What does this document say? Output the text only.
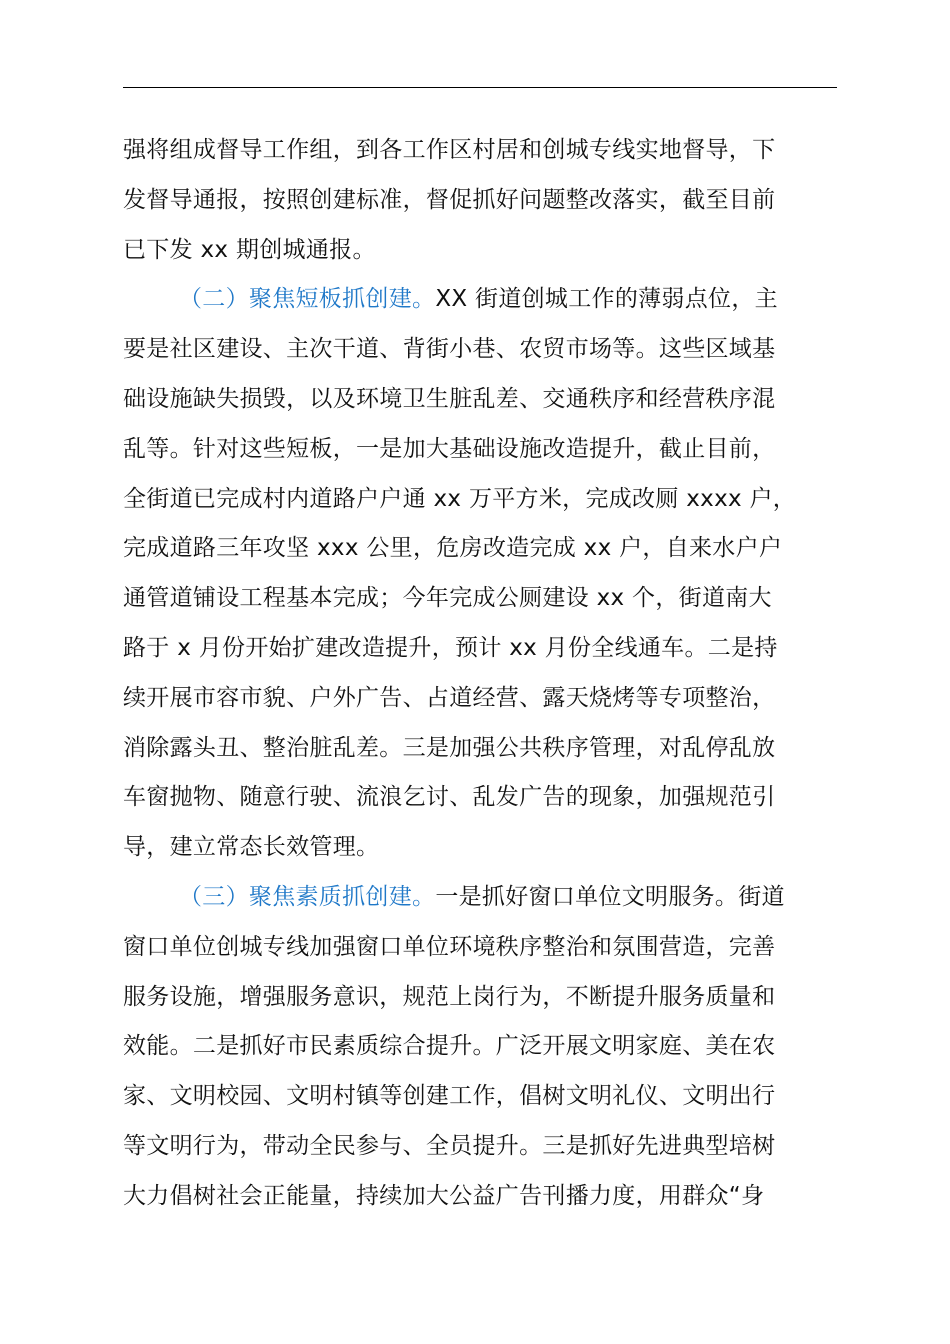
强将组成督导工作组，到各工作区村居和创城专线实地督导，下
发督导通报，按照创建标准，督促抓好问题整改落实，截至目前
已下发 xx 期创城通报。
（二）聚焦短板抓创建。XX 街道创城工作的薄弱点位，主
要是社区建设、主次干道、背街小巷、农贸市场等。这些区域基
础设施缺失损毁，以及环境卫生脏乱差、交通秩序和经营秩序混
乱等。针对这些短板，一是加大基础设施改造提升，截止目前，
全街道已完成村内道路户户通 xx 万平方米，完成改厕 xxxx 户，
完成道路三年攻坚 xxx 公里，危房改造完成 xx 户，自来水户户
通管道铺设工程基本完成；今年完成公厕建设 xx 个，街道南大
路于 x 月份开始扩建改造提升，预计 xx 月份全线通车。二是持
续开展市容市貌、户外广告、占道经营、露天烧烤等专项整治，
消除露头丑、整治脏乱差。三是加强公共秩序管理，对乱停乱放
车窗抛物、随意行驶、流浪乞讨、乱发广告的现象，加强规范引
导，建立常态长效管理。
（三）聚焦素质抓创建。一是抓好窗口单位文明服务。街道
窗口单位创城专线加强窗口单位环境秩序整治和氛围营造，完善
服务设施，增强服务意识，规范上岗行为，不断提升服务质量和
效能。二是抓好市民素质综合提升。广泛开展文明家庭、美在农
家、文明校园、文明村镇等创建工作，倡树文明礼仪、文明出行
等文明行为，带动全民参与、全员提升。三是抓好先进典型培树
大力倡树社会正能量，持续加大公益广告刊播力度，用群众“身
